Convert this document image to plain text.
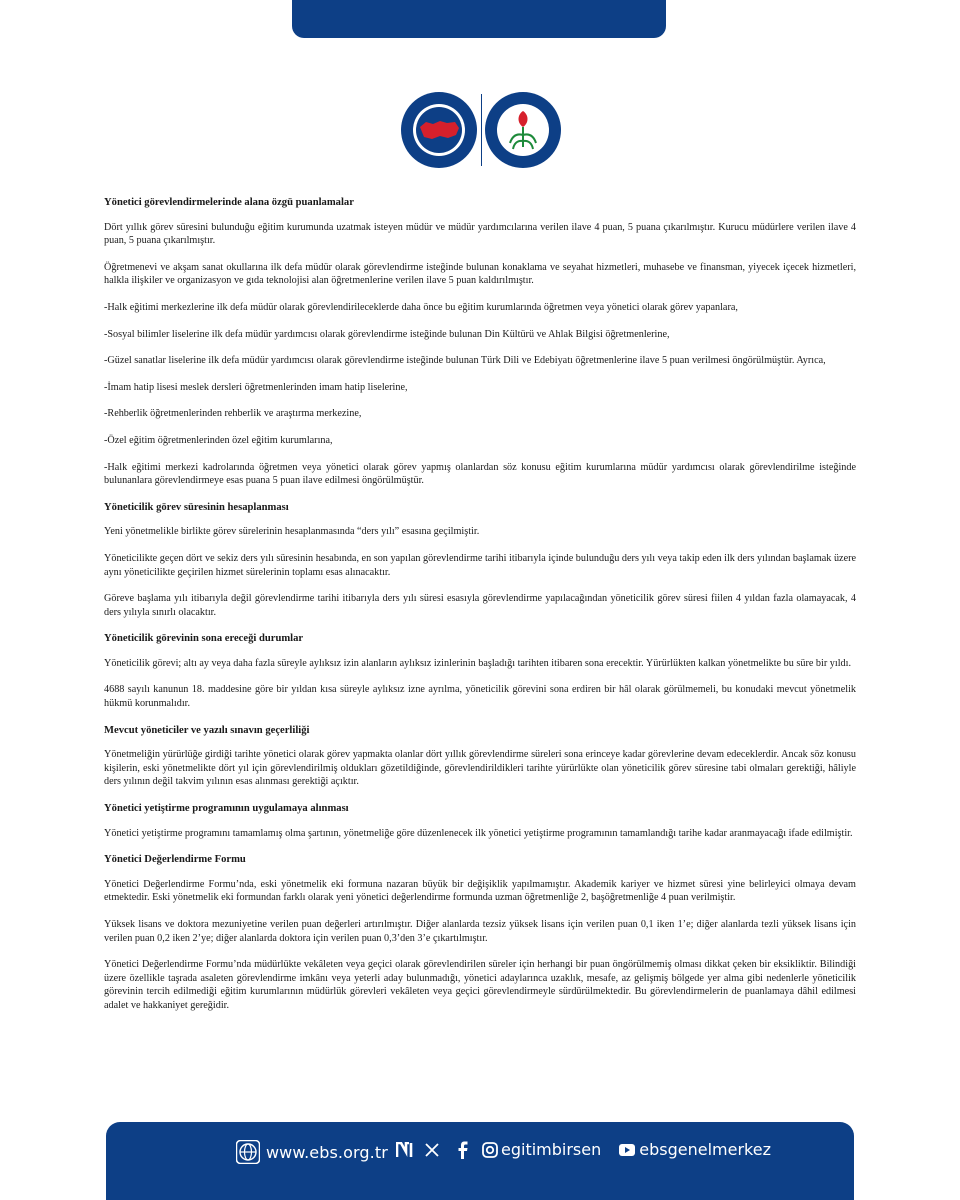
Yönetici görevlendirmelerinde alana özgü puanlamalar

Dört yıllık görev süresini bulunduğu eğitim kurumunda uzatmak isteyen müdür ve müdür yardımcılarına verilen ilave 4 puan, 5 puana çıkarılmıştır. Kurucu müdürlere verilen ilave 4 puan, 5 puana çıkarılmıştır.

Öğretmenevi ve akşam sanat okullarına ilk defa müdür olarak görevlendirme isteğinde bulunan konaklama ve seyahat hizmetleri, muhasebe ve finansman, yiyecek içecek hizmetleri, halkla ilişkiler ve organizasyon ve gıda teknolojisi alan öğretmenlerine verilen ilave 5 puan kaldırılmıştır.

-Halk eğitimi merkezlerine ilk defa müdür olarak görevlendirileceklerde daha önce bu eğitim kurumlarında öğretmen veya yönetici olarak görev yapanlara,

-Sosyal bilimler liselerine ilk defa müdür yardımcısı olarak görevlendirme isteğinde bulunan Din Kültürü ve Ahlak Bilgisi öğretmenlerine,

-Güzel sanatlar liselerine ilk defa müdür yardımcısı olarak görevlendirme isteğinde bulunan Türk Dili ve Edebiyatı öğretmenlerine ilave 5 puan verilmesi öngörülmüştür. Ayrıca,

-İmam hatip lisesi meslek dersleri öğretmenlerinden imam hatip liselerine,

-Rehberlik öğretmenlerinden rehberlik ve araştırma merkezine,

-Özel eğitim öğretmenlerinden özel eğitim kurumlarına,

-Halk eğitimi merkezi kadrolarında öğretmen veya yönetici olarak görev yapmış olanlardan söz konusu eğitim kurumlarına müdür yardımcısı olarak görevlendirilme isteğinde bulunanlara görevlendirmeye esas puana 5 puan ilave edilmesi öngörülmüştür.

Yöneticilik görev süresinin hesaplanması

Yeni yönetmelikle birlikte görev sürelerinin hesaplanmasında “ders yılı” esasına geçilmiştir.

Yöneticilikte geçen dört ve sekiz ders yılı süresinin hesabında, en son yapılan görevlendirme tarihi itibarıyla içinde bulunduğu ders yılı veya takip eden ilk ders yılından başlamak üzere aynı yöneticilikte geçirilen hizmet sürelerinin toplamı esas alınacaktır.

Göreve başlama yılı itibarıyla değil görevlendirme tarihi itibarıyla ders yılı süresi esasıyla görevlendirme yapılacağından yöneticilik görev süresi fiilen 4 yıldan fazla olamayacak, 4 ders yılıyla sınırlı olacaktır.

Yöneticilik görevinin sona ereceği durumlar

Yöneticilik görevi; altı ay veya daha fazla süreyle aylıksız izin alanların aylıksız izinlerinin başladığı tarihten itibaren sona erecektir. Yürürlükten kalkan yönetmelikte bu süre bir yıldı.

4688 sayılı kanunun 18. maddesine göre bir yıldan kısa süreyle aylıksız izne ayrılma, yöneticilik görevini sona erdiren bir hâl olarak görülmemeli, bu konudaki mevcut yönetmelik hükmü korunmalıdır.

Mevcut yöneticiler ve yazılı sınavın geçerliliği

Yönetmeliğin yürürlüğe girdiği tarihte yönetici olarak görev yapmakta olanlar dört yıllık görevlendirme süreleri sona erinceye kadar görevlerine devam edeceklerdir. Ancak söz konusu kişilerin, eski yönetmelikte dört yıl için görevlendirilmiş oldukları gözetildiğinde, görevlendirildikleri tarihte yürürlükte olan yöneticilik görev süresine tabi olmaları gerektiği, hâliyle ders yılının değil takvim yılının esas alınması gerektiği açıktır.

Yönetici yetiştirme programının uygulamaya alınması

Yönetici yetiştirme programını tamamlamış olma şartının, yönetmeliğe göre düzenlenecek ilk yönetici yetiştirme programının tamamlandığı tarihe kadar aranmayacağı ifade edilmiştir.

Yönetici Değerlendirme Formu

Yönetici Değerlendirme Formu’nda, eski yönetmelik eki formuna nazaran büyük bir değişiklik yapılmamıştır. Akademik kariyer ve hizmet süresi yine belirleyici olmaya devam etmektedir. Eski yönetmelik eki formundan farklı olarak yeni yönetici değerlendirme formunda uzman öğretmenliğe 2, başöğretmenliğe 4 puan verilmiştir.

Yüksek lisans ve doktora mezuniyetine verilen puan değerleri artırılmıştır. Diğer alanlarda tezsiz yüksek lisans için verilen puan 0,1 iken 1’e; diğer alanlarda tezli yüksek lisans için verilen puan 0,2 iken 2’ye; diğer alanlarda doktora için verilen puan 0,3’den 3’e çıkartılmıştır.

Yönetici Değerlendirme Formu’nda müdürlükte vekâleten veya geçici olarak görevlendirilen süreler için herhangi bir puan öngörülmemiş olması dikkat çeken bir eksikliktir. Bilindiği üzere özellikle taşrada asaleten görevlendirme imkânı veya yeterli aday bulunmadığı, yönetici adaylarınca uzaklık, mesafe, az gelişmiş bölgede yer alma gibi nedenlerle yöneticilik görevinin tercih edilmediği eğitim kurumlarının müdürlük görevleri vekâleten veya geçici görevlendirmeyle sürdürülmektedir. Bu görevlendirmelerin de puanlamaya dâhil edilmesi adalet ve hakkaniyet gereğidir.

www.ebs.org.tr	egitimbirsen ebsgenelmerkez
